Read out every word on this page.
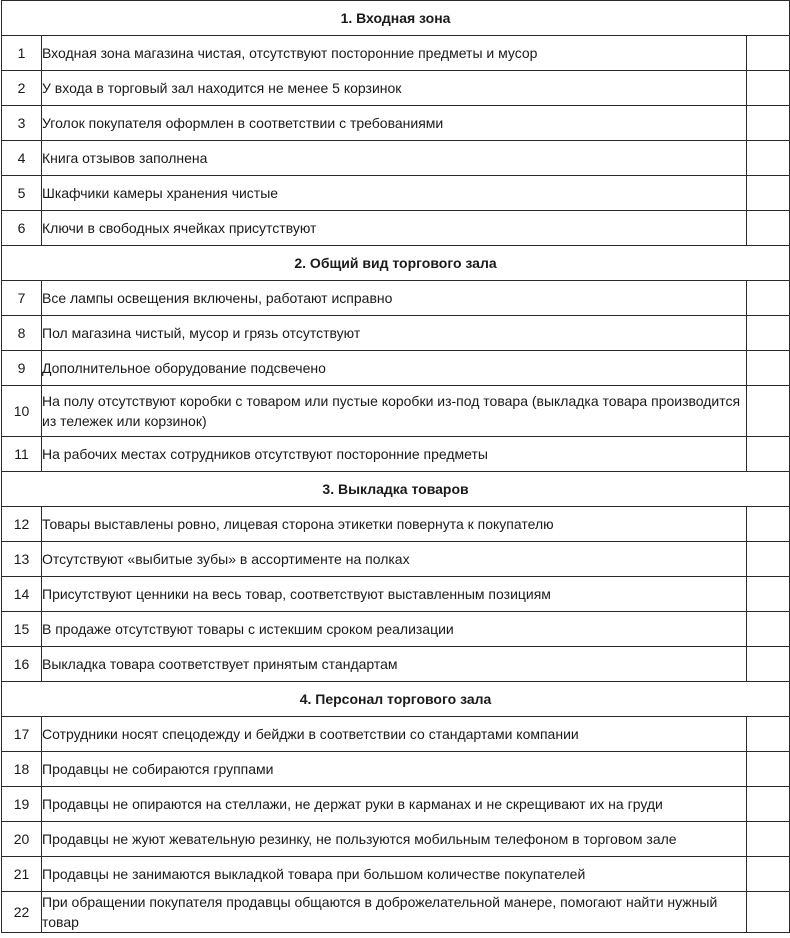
1. Входная зона		
1	Входная зона магазина чистая, отсутствуют посторонние предметы и мусор	
2	У входа в торговый зал находится не менее 5 корзинок	
3	Уголок покупателя оформлен в соответствии с требованиями	
4	Книга отзывов заполнена	
5	Шкафчики камеры хранения чистые	
6	Ключи в свободных ячейках присутствуют	
2. Общий вид торгового зала		
7	Все лампы освещения включены, работают исправно	
8	Пол магазина чистый, мусор и грязь отсутствуют	
9	Дополнительное оборудование подсвечено	
10	На полу отсутствуют коробки с товаром или пустые коробки из-под товара (выкладка товара производится из тележек или корзинок)	
11	На рабочих местах сотрудников отсутствуют посторонние предметы	
3. Выкладка товаров		
12	Товары выставлены ровно, лицевая сторона этикетки повернута к покупателю	
13	Отсутствуют «выбитые зубы» в ассортименте на полках	
14	Присутствуют ценники на весь товар, соответствуют выставленным позициям	
15	В продаже отсутствуют товары с истекшим сроком реализации	
16	Выкладка товара соответствует принятым стандартам	
4. Персонал торгового зала		
17	Сотрудники носят спецодежду и бейджи в соответствии со стандартами компании	
18	Продавцы не собираются группами	
19	Продавцы не опираются на стеллажи, не держат руки в карманах и не скрещивают их на груди	
20	Продавцы не жуют жевательную резинку, не пользуются мобильным телефоном в торговом зале	
21	Продавцы не занимаются выкладкой товара при большом количестве покупателей	
22	При обращении покупателя продавцы общаются в доброжелательной манере, помогают найти нужный товар	
